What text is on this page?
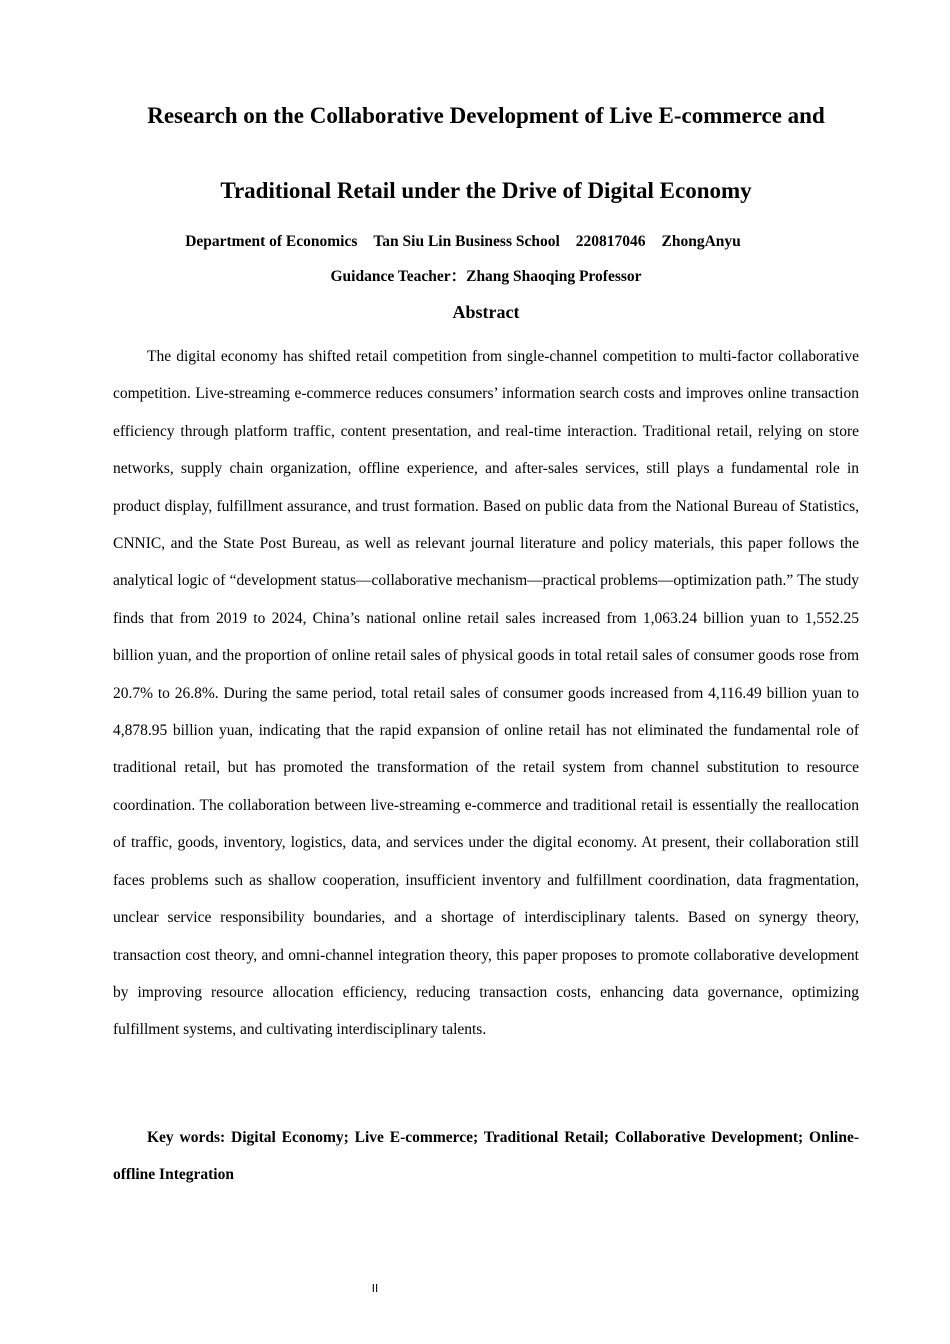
Research on the Collaborative Development of Live E-commerce and
Traditional Retail under the Drive of Digital Economy
Department of Economics Tan Siu Lin Business School 220817046 ZhongAnyu
Guidance Teacher：Zhang Shaoqing Professor
Abstract

The digital economy has shifted retail competition from single-channel competition to multi-factor collaborative competition. Live-streaming e-commerce reduces consumers’ information search costs and improves online transaction efficiency through platform traffic, content presentation, and real-time interaction. Traditional retail, relying on store networks, supply chain organization, offline experience, and after-sales services, still plays a fundamental role in product display, fulfillment assurance, and trust formation. Based on public data from the National Bureau of Statistics, CNNIC, and the State Post Bureau, as well as relevant journal literature and policy materials, this paper follows the analytical logic of “development status—collaborative mechanism—practical problems—optimization path.” The study finds that from 2019 to 2024, China’s national online retail sales increased from 1,063.24 billion yuan to 1,552.25 billion yuan, and the proportion of online retail sales of physical goods in total retail sales of consumer goods rose from 20.7% to 26.8%. During the same period, total retail sales of consumer goods increased from 4,116.49 billion yuan to 4,878.95 billion yuan, indicating that the rapid expansion of online retail has not eliminated the fundamental role of traditional retail, but has promoted the transformation of the retail system from channel substitution to resource coordination. The collaboration between live-streaming e-commerce and traditional retail is essentially the reallocation of traffic, goods, inventory, logistics, data, and services under the digital economy. At present, their collaboration still faces problems such as shallow cooperation, insufficient inventory and fulfillment coordination, data fragmentation, unclear service responsibility boundaries, and a shortage of interdisciplinary talents. Based on synergy theory, transaction cost theory, and omni-channel integration theory, this paper proposes to promote collaborative development by improving resource allocation efficiency, reducing transaction costs, enhancing data governance, optimizing fulfillment systems, and cultivating interdisciplinary talents.

Key words: Digital Economy; Live E-commerce; Traditional Retail; Collaborative Development; Online-offline Integration

II
